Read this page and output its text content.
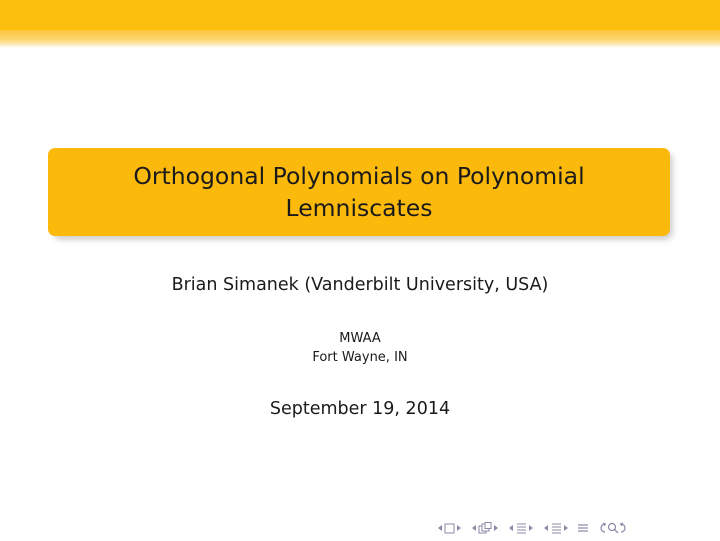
Orthogonal Polynomials on Polynomial
Lemniscates
Brian Simanek (Vanderbilt University, USA)
MWAA
Fort Wayne, IN
September 19, 2014
